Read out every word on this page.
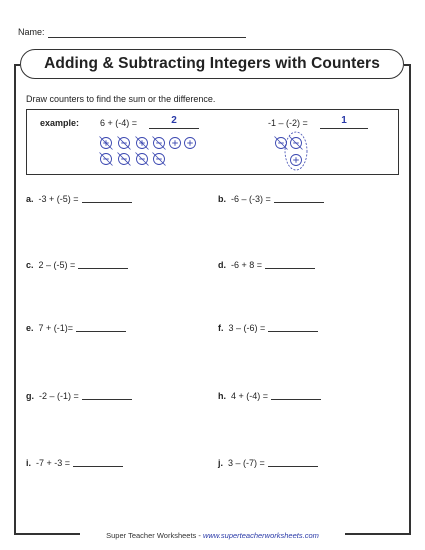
Name:
Adding & Subtracting Integers with Counters
Draw counters to find the sum or the difference.
example: 6 + (-4) =	2	-1 – (-2) =	1
a. -3 + (-5) =	b. -6 – (-3) =
c. 2 – (-5) =	d. -6 + 8 =
e. 7 + (-1)=	f. 3 – (-6) =
g. -2 – (-1) =	h. 4 + (-4) =
i. -7 + -3 =	j. 3 – (-7) =
Super Teacher Worksheets - www.superteacherworksheets.com
